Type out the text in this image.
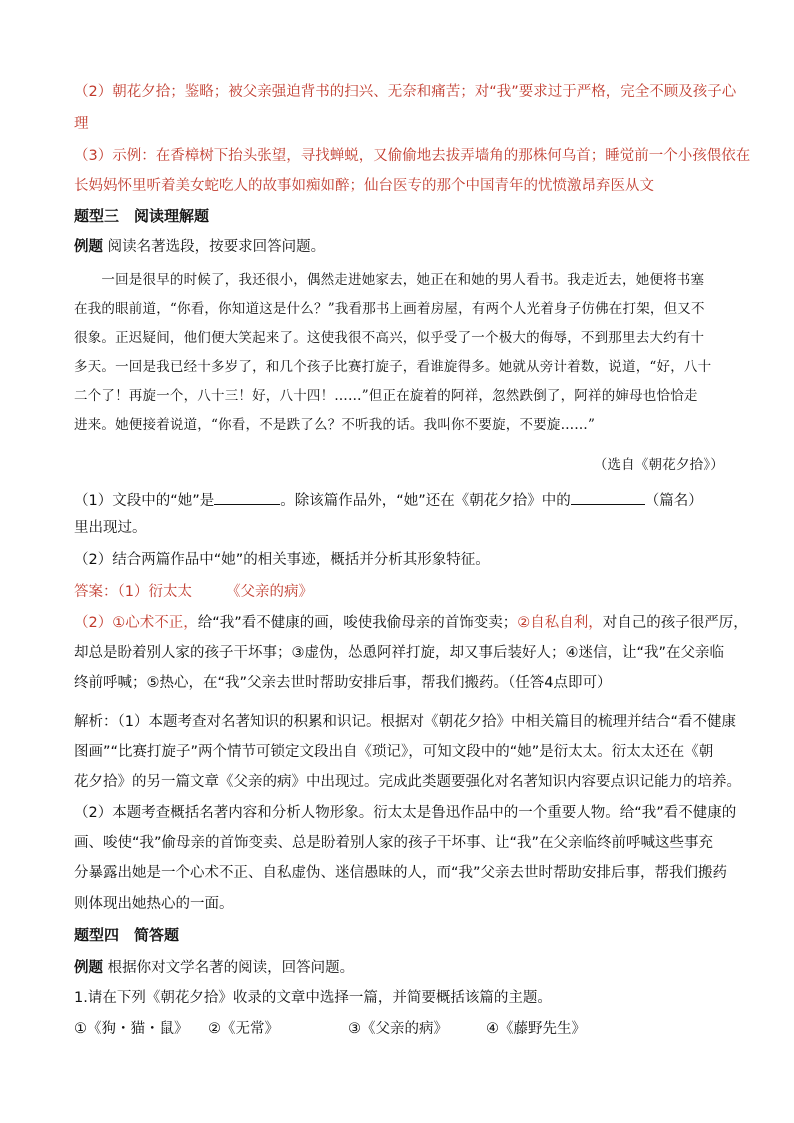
（2）朝花夕拾；鉴略；被父亲强迫背书的扫兴、无奈和痛苦；对“我”要求过于严格，完全不顾及孩子心
理
（3）示例：在香樟树下抬头张望，寻找蝉蜕，又偷偷地去拔弄墙角的那株何乌首；睡觉前一个小孩偎依在
长妈妈怀里听着美女蛇吃人的故事如痴如醉；仙台医专的那个中国青年的忧愤激昂弃医从文
题型三　阅读理解题
例题 阅读名著选段，按要求回答问题。
　　一回是很早的时候了，我还很小，偶然走进她家去，她正在和她的男人看书。我走近去，她便将书塞
在我的眼前道，“你看，你知道这是什么？”我看那书上画着房屋，有两个人光着身子仿佛在打架，但又不
很象。正迟疑间，他们便大笑起来了。这使我很不高兴，似乎受了一个极大的侮辱，不到那里去大约有十
多天。一回是我已经十多岁了，和几个孩子比赛打旋子，看谁旋得多。她就从旁计着数，说道，“好，八十
二个了！再旋一个，八十三！好，八十四！……”但正在旋着的阿祥，忽然跌倒了，阿祥的婶母也恰恰走
进来。她便接着说道，“你看，不是跌了么？不听我的话。我叫你不要旋，不要旋……”
（选自《朝花夕拾》）
（1）文段中的“她”是	。除该篇作品外，“她”还在《朝花夕拾》中的	（篇名）
里出现过。
（2）结合两篇作品中“她”的相关事迹，概括并分析其形象特征。
答案：（1）衍太太 《父亲的病》
（2）①心术不正，给“我”看不健康的画，唆使我偷母亲的首饰变卖；②自私自利，对自己的孩子很严厉，
却总是盼着别人家的孩子干坏事；③虚伪，怂恿阿祥打旋，却又事后装好人；④迷信，让“我”在父亲临
终前呼喊；⑤热心，在“我”父亲去世时帮助安排后事，帮我们搬药。（任答4点即可）
解析：（1）本题考查对名著知识的积累和识记。根据对《朝花夕拾》中相关篇目的梳理并结合“看不健康
图画”“比赛打旋子”两个情节可锁定文段出自《琐记》，可知文段中的“她”是衍太太。衍太太还在《朝
花夕拾》的另一篇文章《父亲的病》中出现过。完成此类题要强化对名著知识内容要点识记能力的培养。
（2）本题考查概括名著内容和分析人物形象。衍太太是鲁迅作品中的一个重要人物。给“我”看不健康的
画、唆使“我”偷母亲的首饰变卖、总是盼着别人家的孩子干坏事、让“我”在父亲临终前呼喊这些事充
分暴露出她是一个心术不正、自私虚伪、迷信愚昧的人，而“我”父亲去世时帮助安排后事，帮我们搬药
则体现出她热心的一面。
题型四　简答题
例题 根据你对文学名著的阅读，回答问题。
1.请在下列《朝花夕拾》收录的文章中选择一篇，并简要概括该篇的主题。
①《狗・猫・鼠》 ②《无常》	③《父亲的病》	④《藤野先生》
